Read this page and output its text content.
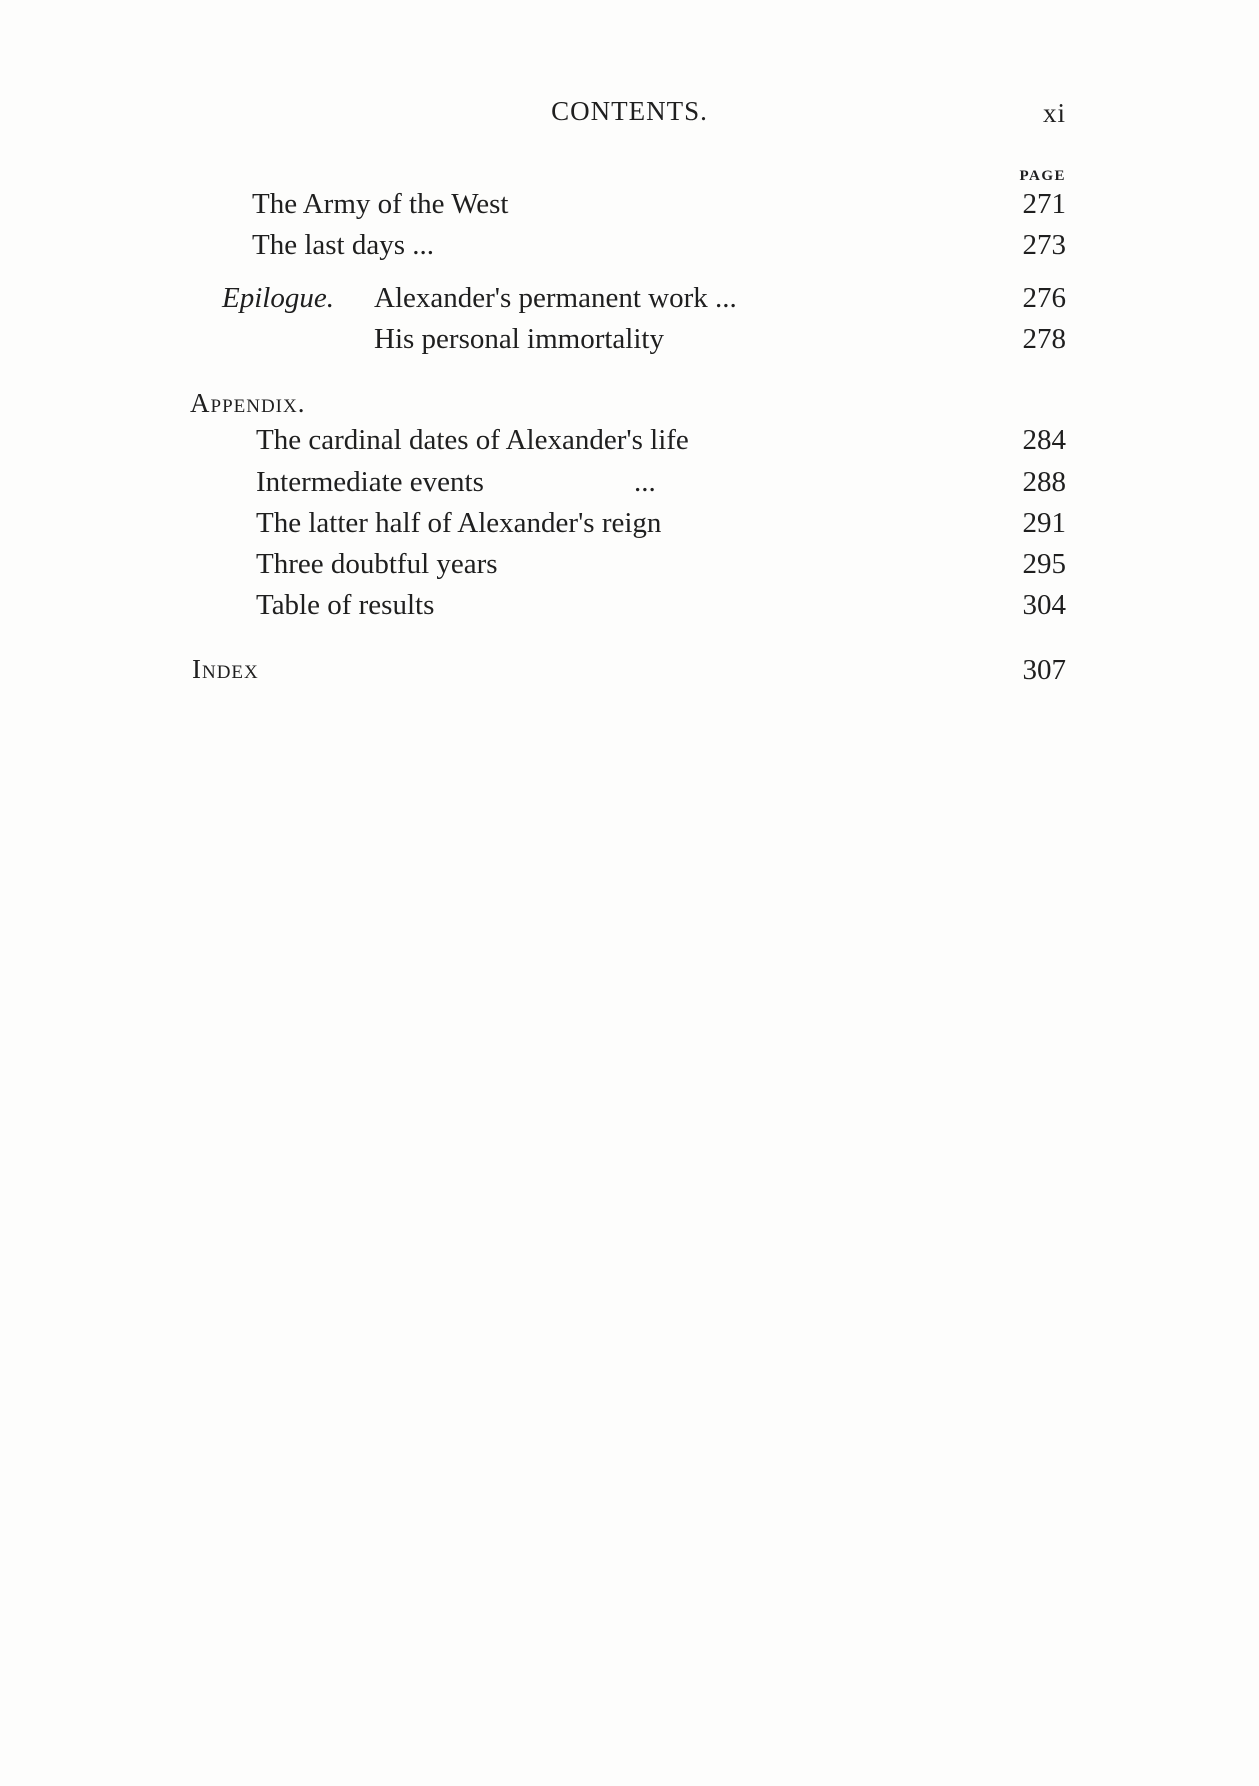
CONTENTS.	xi
PAGE
The Army of the West	271
The last days ...	273
Epilogue. Alexander's permanent work ...	276
His personal immortality	278
Appendix.
The cardinal dates of Alexander's life	284
Intermediate events	...	288
The latter half of Alexander's reign	291
Three doubtful years	295
Table of results	304
Index	307
